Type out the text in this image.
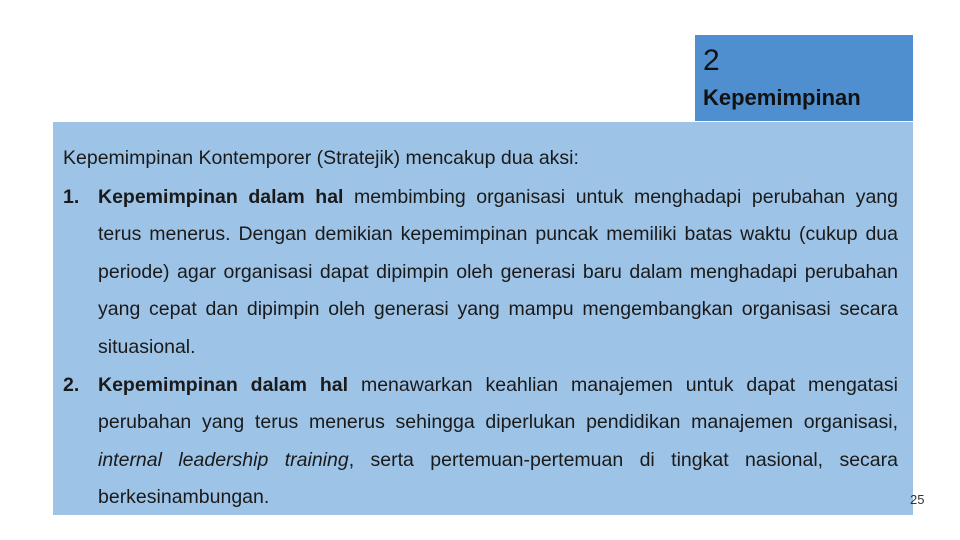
2
Kepemimpinan
Kepemimpinan Kontemporer (Stratejik) mencakup dua aksi:
1. Kepemimpinan dalam hal membimbing organisasi untuk menghadapi perubahan yang terus menerus. Dengan demikian kepemimpinan puncak memiliki batas waktu (cukup dua periode) agar organisasi dapat dipimpin oleh generasi baru dalam menghadapi perubahan yang cepat dan dipimpin oleh generasi yang mampu mengembangkan organisasi secara situasional.
2. Kepemimpinan dalam hal menawarkan keahlian manajemen untuk dapat mengatasi perubahan yang terus menerus sehingga diperlukan pendidikan manajemen organisasi, internal leadership training, serta pertemuan-pertemuan di tingkat nasional, secara berkesinambungan.	25
